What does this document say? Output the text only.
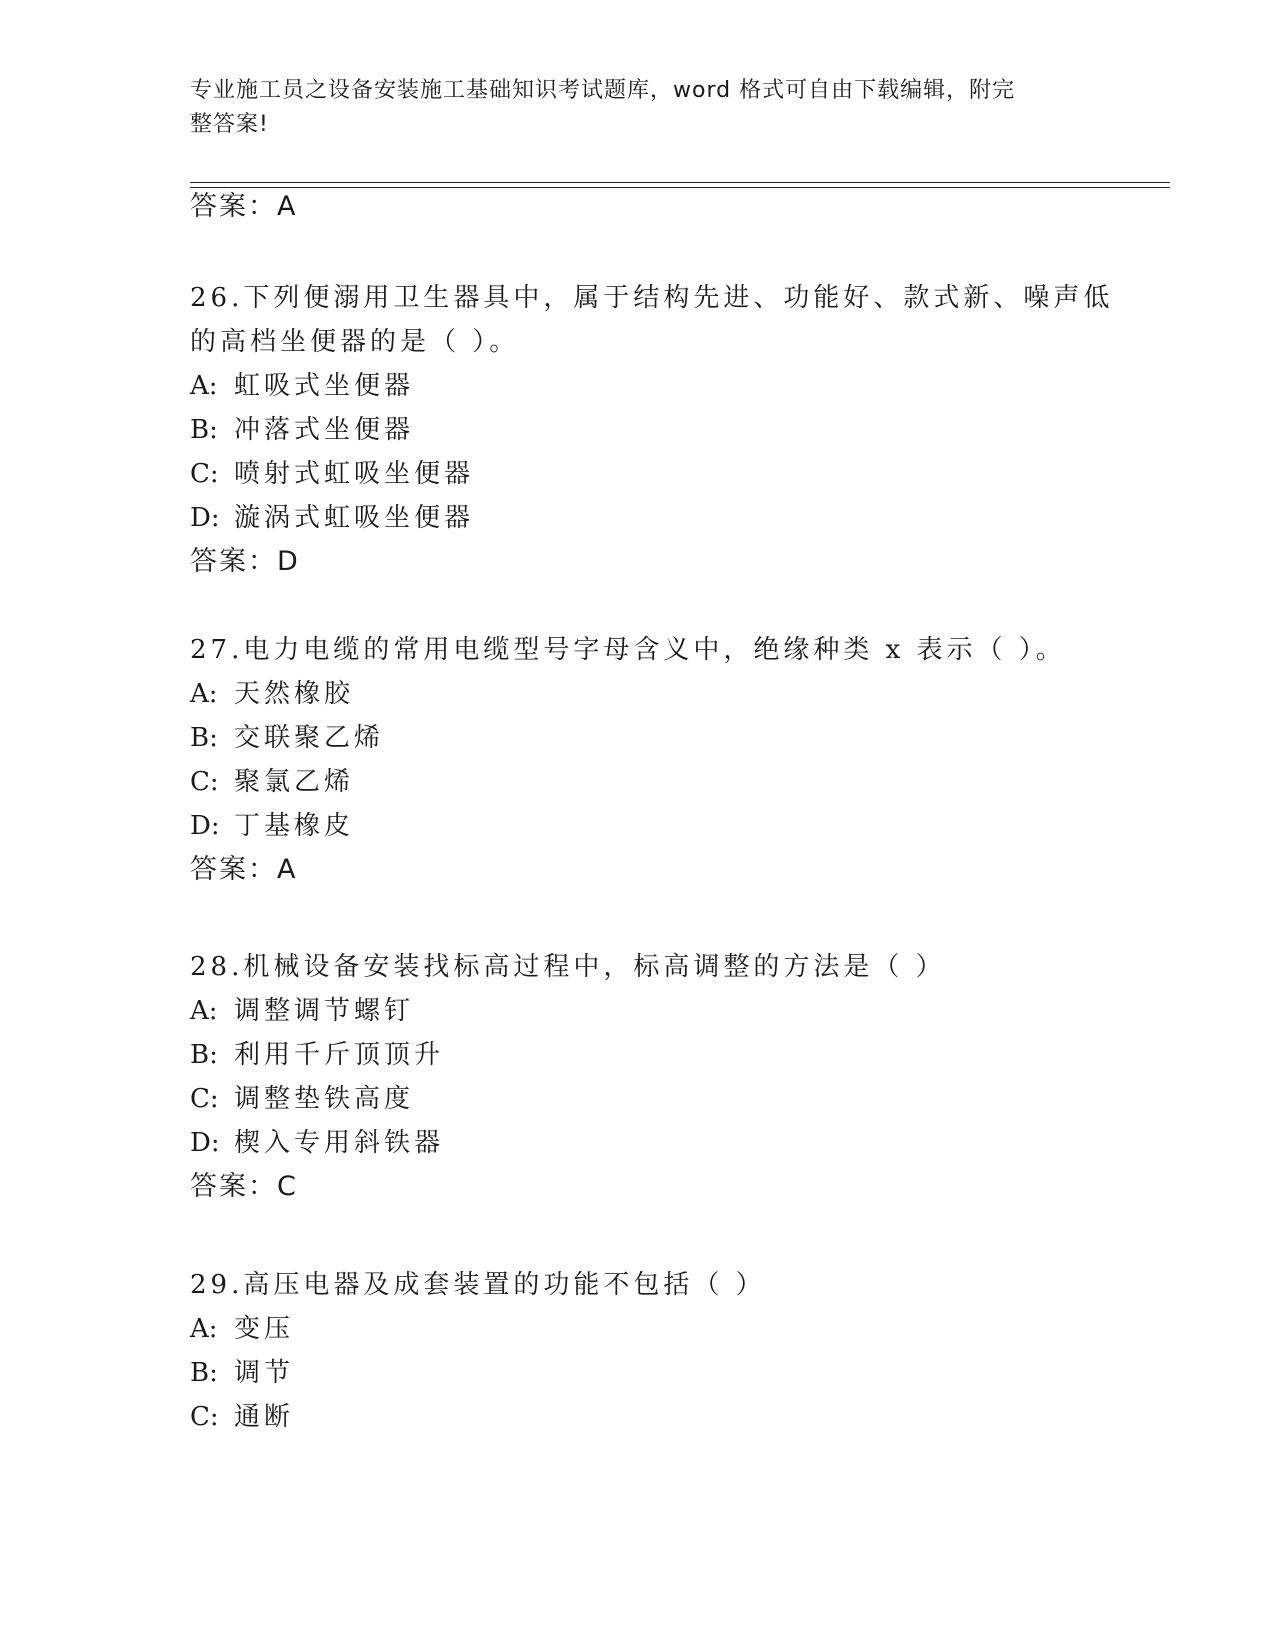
专业施工员之设备安装施工基础知识考试题库，word 格式可自由下载编辑，附完
整答案!
答案：A
26.下列便溺用卫生器具中，属于结构先进、功能好、款式新、噪声低
的高档坐便器的是（ ）。
A: 虹吸式坐便器
B: 冲落式坐便器
C: 喷射式虹吸坐便器
D: 漩涡式虹吸坐便器
答案：D
27.电力电缆的常用电缆型号字母含义中，绝缘种类 x 表示（ ）。
A: 天然橡胶
B: 交联聚乙烯
C: 聚氯乙烯
D: 丁基橡皮
答案：A
28.机械设备安装找标高过程中，标高调整的方法是（ ）
A: 调整调节螺钉
B: 利用千斤顶顶升
C: 调整垫铁高度
D: 楔入专用斜铁器
答案：C
29.高压电器及成套装置的功能不包括（ ）
A: 变压
B: 调节
C: 通断
